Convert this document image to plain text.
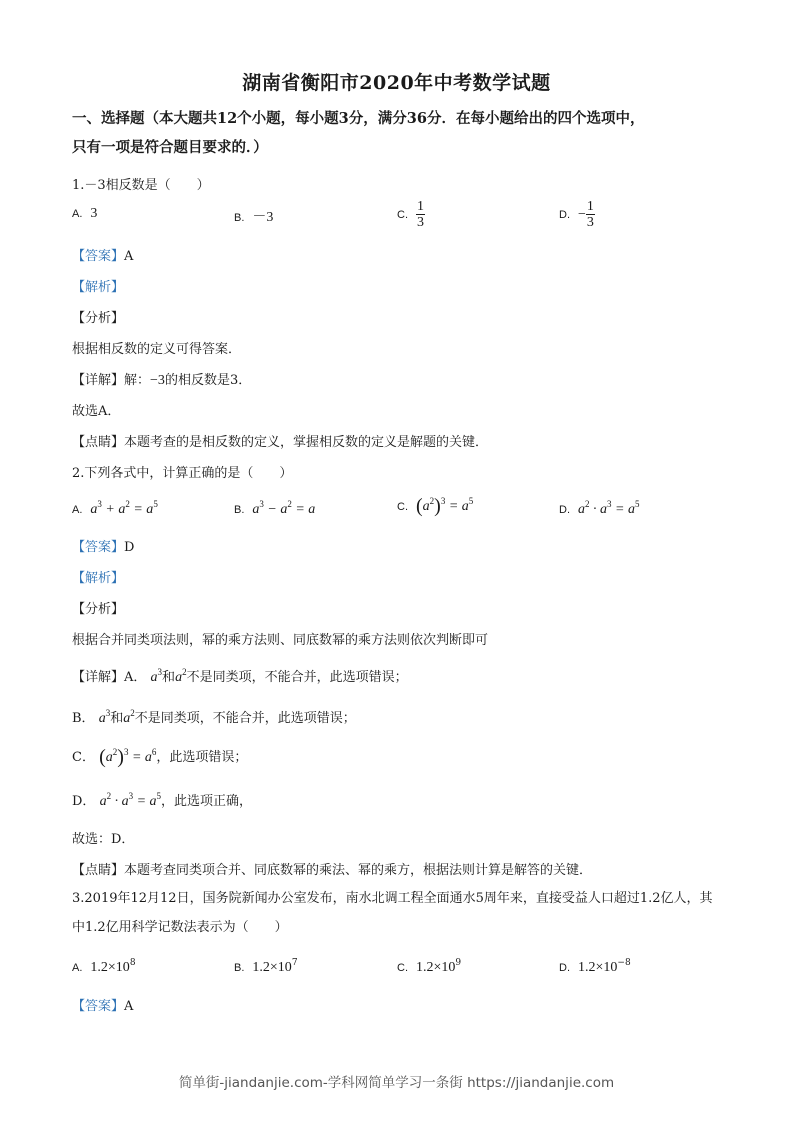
湖南省衡阳市2020年中考数学试题
一、选择题（本大题共12个小题，每小题3分，满分36分．在每小题给出的四个选项中，
只有一项是符合题目要求的．）
1.－3相反数是（　　）
A. 3	B. －3	C. $\frac{1}{3}$	D. − $\frac{1}{3}$
【答案】A
【解析】
【分析】
根据相反数的定义可得答案．
【详解】解：−3的相反数是3．
故选A．
【点睛】本题考查的是相反数的定义，掌握相反数的定义是解题的关键．
2.下列各式中，计算正确的是（　　）
A. $a^3 + a^2 = a^5$	B. $a^3 - a^2 = a$	C. $(a^2)^3 = a^5$
D. $a^2 \cdot a^3 = a^5$
【答案】D
【解析】
【分析】
根据合并同类项法则，幂的乘方法则、同底数幂的乘方法则依次判断即可
【详解】A． $a^3$和$a^2$不是同类项，不能合并，此选项错误；
B． $a^3$和$a^2$不是同类项，不能合并，此选项错误；
C． $(a^2)^3 = a^6$，此选项错误；
D． $a^2 \cdot a^3 = a^5$，此选项正确，
故选：D．
【点睛】本题考查同类项合并、同底数幂的乘法、幂的乘方，根据法则计算是解答的关键．
3.2019年12月12日，国务院新闻办公室发布，南水北调工程全面通水5周年来，直接受益人口超过1.2亿人，其中1.2亿用科学记数法表示为（　　）
A. $1.2\times 10^8$	B. $1.2\times 10^7$	C. $1.2\times 10^9$	D. $1.2\times 10^{-8}$
【答案】A
简单街-jiandanjie.com-学科网简单学习一条街 https://jiandanjie.com
